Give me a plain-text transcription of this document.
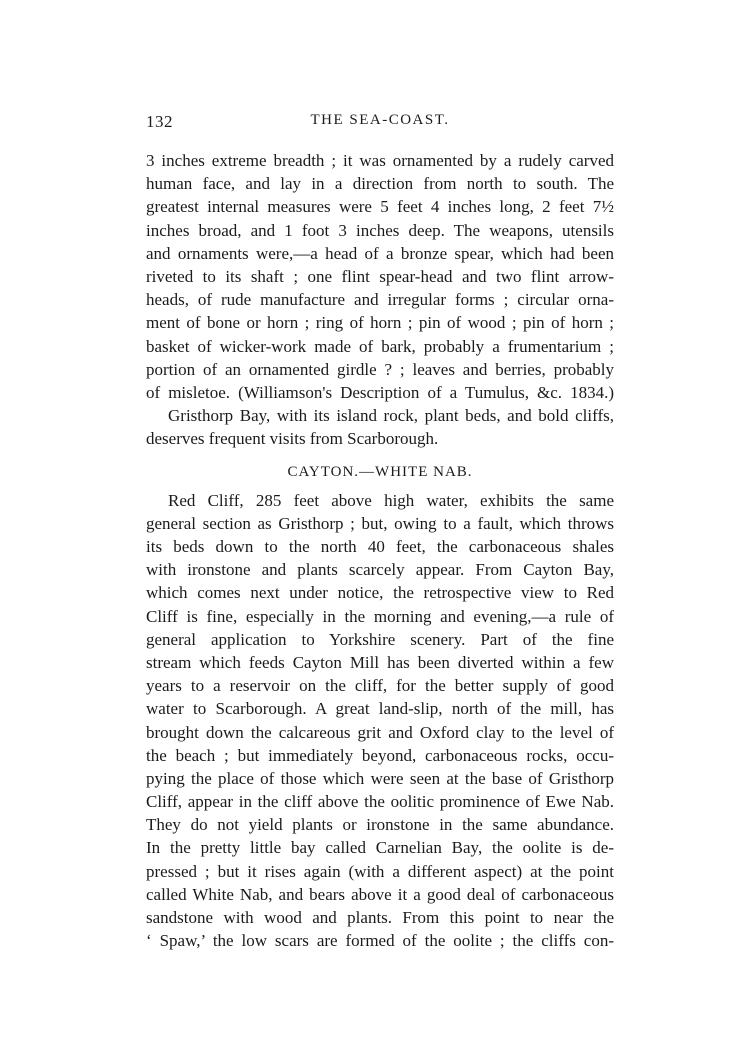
132	THE SEA-COAST.
3 inches extreme breadth ; it was ornamented by a rudely carved
human face, and lay in a direction from north to south. The
greatest internal measures were 5 feet 4 inches long, 2 feet 7½
inches broad, and 1 foot 3 inches deep. The weapons, utensils
and ornaments were,—a head of a bronze spear, which had been
riveted to its shaft ; one flint spear-head and two flint arrow-
heads, of rude manufacture and irregular forms ; circular orna-
ment of bone or horn ; ring of horn ; pin of wood ; pin of horn ;
basket of wicker-work made of bark, probably a frumentarium ;
portion of an ornamented girdle ? ; leaves and berries, probably
of misletoe. (Williamson's Description of a Tumulus, &c. 1834.)
Gristhorp Bay, with its island rock, plant beds, and bold cliffs,
deserves frequent visits from Scarborough.
CAYTON.—WHITE NAB.
Red Cliff, 285 feet above high water, exhibits the same
general section as Gristhorp ; but, owing to a fault, which throws
its beds down to the north 40 feet, the carbonaceous shales
with ironstone and plants scarcely appear. From Cayton Bay,
which comes next under notice, the retrospective view to Red
Cliff is fine, especially in the morning and evening,—a rule of
general application to Yorkshire scenery. Part of the fine
stream which feeds Cayton Mill has been diverted within a few
years to a reservoir on the cliff, for the better supply of good
water to Scarborough. A great land-slip, north of the mill, has
brought down the calcareous grit and Oxford clay to the level of
the beach ; but immediately beyond, carbonaceous rocks, occu-
pying the place of those which were seen at the base of Gristhorp
Cliff, appear in the cliff above the oolitic prominence of Ewe Nab.
They do not yield plants or ironstone in the same abundance.
In the pretty little bay called Carnelian Bay, the oolite is de-
pressed ; but it rises again (with a different aspect) at the point
called White Nab, and bears above it a good deal of carbonaceous
sandstone with wood and plants. From this point to near the
‘ Spaw,’ the low scars are formed of the oolite ; the cliffs con-
